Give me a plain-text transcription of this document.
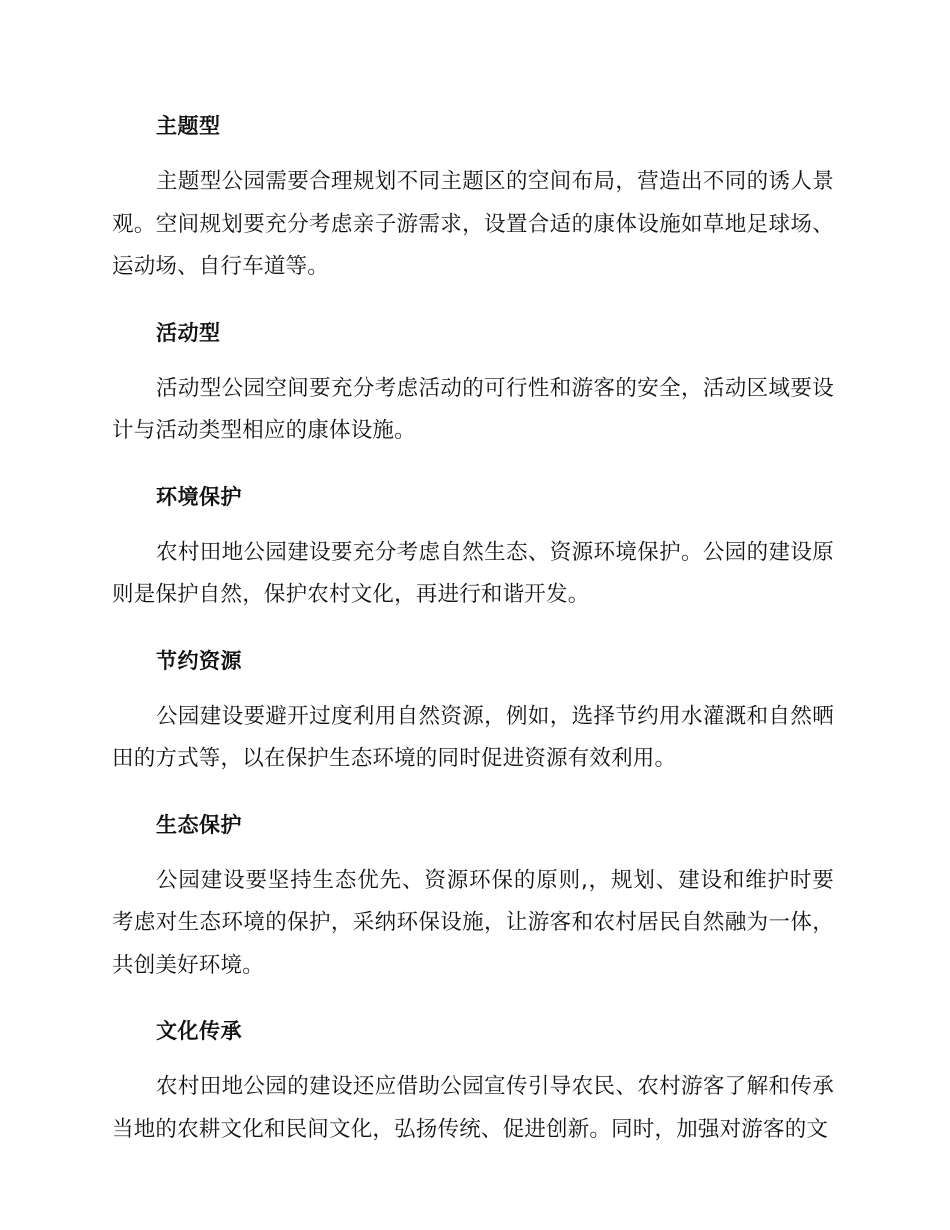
主题型

主题型公园需要合理规划不同主题区的空间布局，营造出不同的诱人景观。空间规划要充分考虑亲子游需求，设置合适的康体设施如草地足球场、运动场、自行车道等。

活动型

活动型公园空间要充分考虑活动的可行性和游客的安全，活动区域要设计与活动类型相应的康体设施。

环境保护

农村田地公园建设要充分考虑自然生态、资源环境保护。公园的建设原则是保护自然，保护农村文化，再进行和谐开发。

节约资源

公园建设要避开过度利用自然资源，例如，选择节约用水灌溉和自然晒田的方式等，以在保护生态环境的同时促进资源有效利用。

生态保护

公园建设要坚持生态优先、资源环保的原则,，规划、建设和维护时要考虑对生态环境的保护，采纳环保设施，让游客和农村居民自然融为一体，共创美好环境。

文化传承

农村田地公园的建设还应借助公园宣传引导农民、农村游客了解和传承当地的农耕文化和民间文化，弘扬传统、促进创新。同时，加强对游客的文
